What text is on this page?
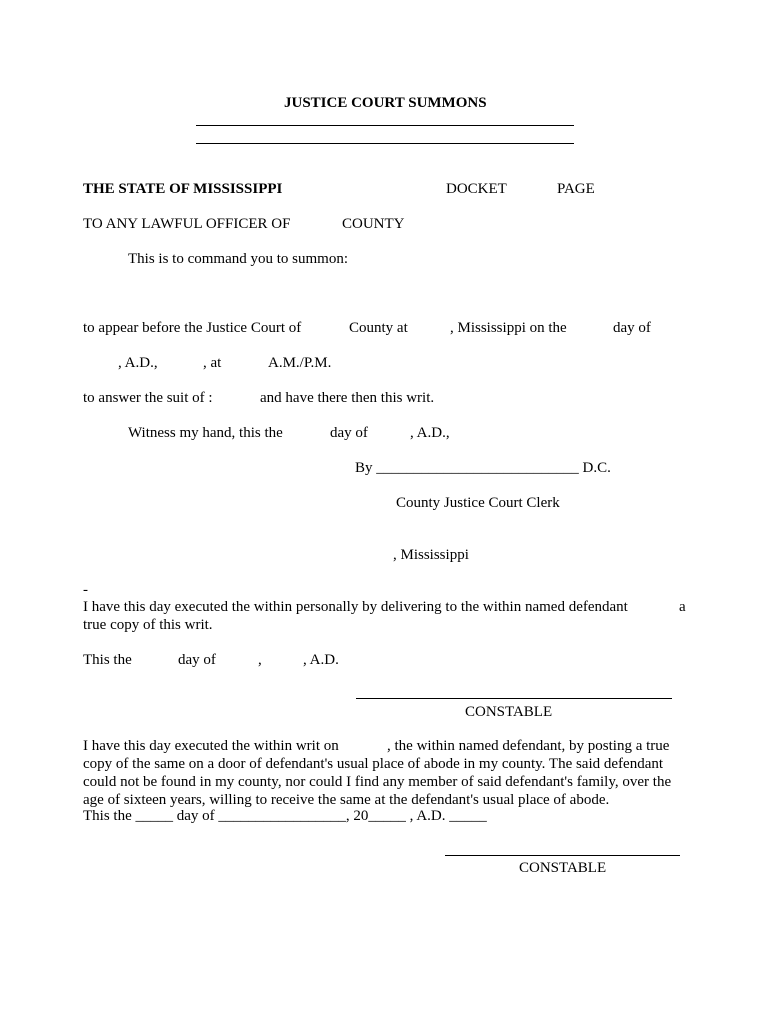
JUSTICE COURT SUMMONS
THE STATE OF MISSISSIPPI	DOCKET	PAGE
TO ANY LAWFUL OFFICER OF	COUNTY
This is to command you to summon:
to appear before the Justice Court of	County at	, Mississippi on the	day of
, A.D.,	, at	A.M./P.M.
to answer the suit of :	and have there then this writ.
Witness my hand, this the	day of	, A.D.,
By ___________________________ D.C.
County Justice Court Clerk
, Mississippi
-
I have this day executed the within personally by delivering to the within named defendant	a
true copy of this writ.
This the	day of	,	, A.D.
CONSTABLE
I have this day executed the within writ on	, the within named defendant, by posting a true
copy of the same on a door of defendant's usual place of abode in my county. The said defendant
could not be found in my county, nor could I find any member of said defendant's family, over the
age of sixteen years, willing to receive the same at the defendant's usual place of abode.
This the _____ day of _________________, 20_____ , A.D. _____
CONSTABLE
